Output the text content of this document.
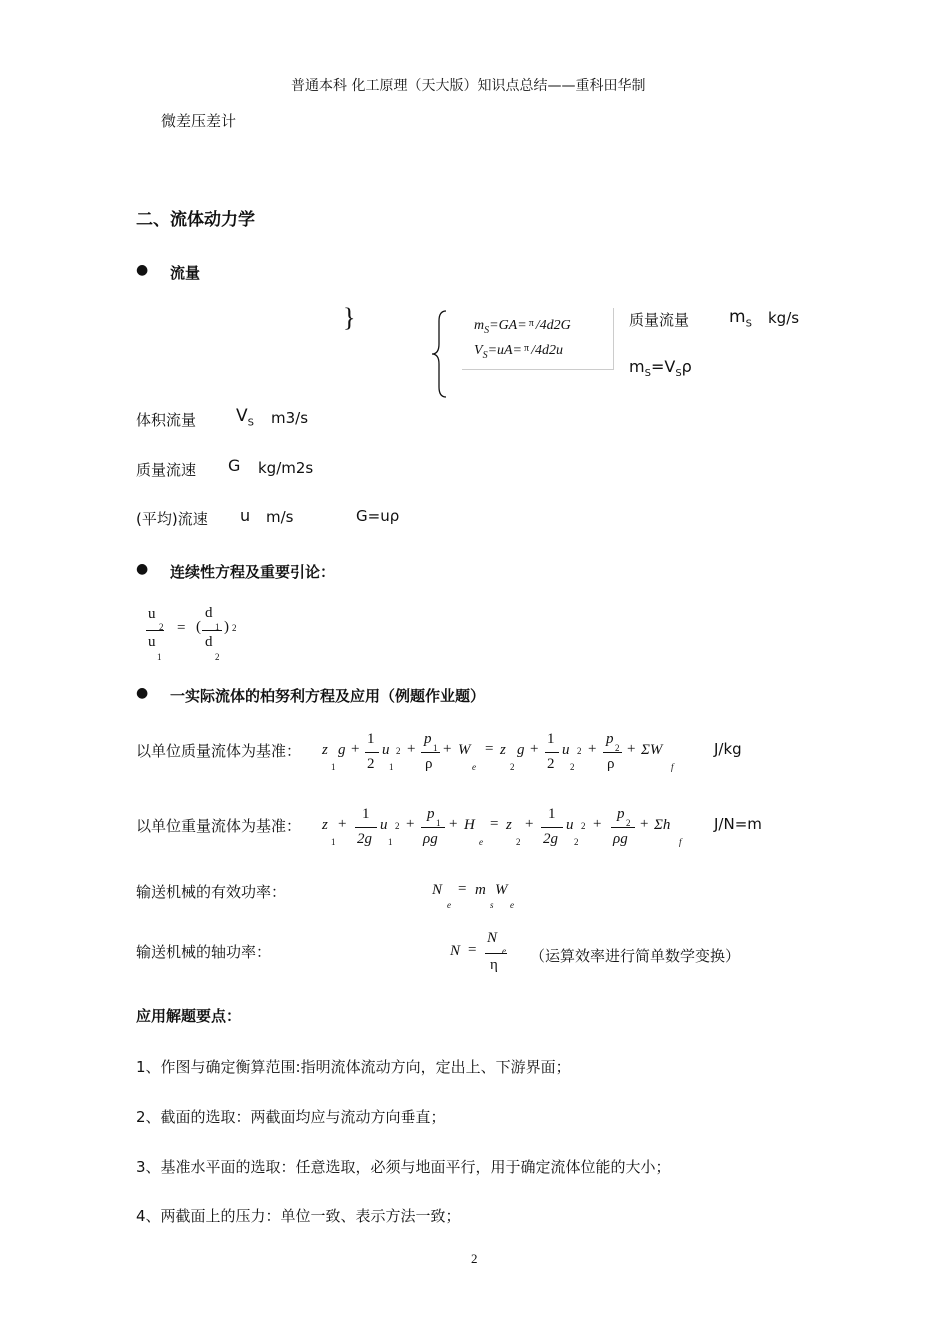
普通本科 化工原理（天大版）知识点总结——重科田华制
微差压差计
二、流体动力学
● 流量
}	$m_S=GA= ^\pi$ /4d2G
$V_S=uA= ^\pi$ /4d2u
质量流量 $m_S$ kg/s
$m_S=V_S\rho$
体积流量 $V_S$ m3/s
质量流速 G kg/m2s
(平均)流速 u m/s	G=uρ
● 连续性方程及重要引论：
u
2
u
1
= (
d
1
d
2
) 2
● 一实际流体的柏努利方程及应用（例题作业题）
以单位质量流体为基准： z
1
g +
1
2
u
1
2 +
p
1
ρ
+ W
e
= z
2
g +
1
2
u
2
2 +
p
2
ρ
+ ΣW
f
J/kg
以单位重量流体为基准： z
1
+
1
2g
u
1
2 +
p
1
ρg
+ H
e
= z
2
+
1
2g
u
2
2 +
p
2
ρg
+ Σh
f
J/N=m
输送机械的有效功率：	N
e
= m
s
W
e
输送机械的轴功率：	N =
N
e
η （运算效率进行简单数学变换）
应用解题要点：
1、作图与确定衡算范围:指明流体流动方向，定出上、下游界面；
2、截面的选取：两截面均应与流动方向垂直；
3、基准水平面的选取：任意选取，必须与地面平行，用于确定流体位能的大小；
4、两截面上的压力：单位一致、表示方法一致；
2
